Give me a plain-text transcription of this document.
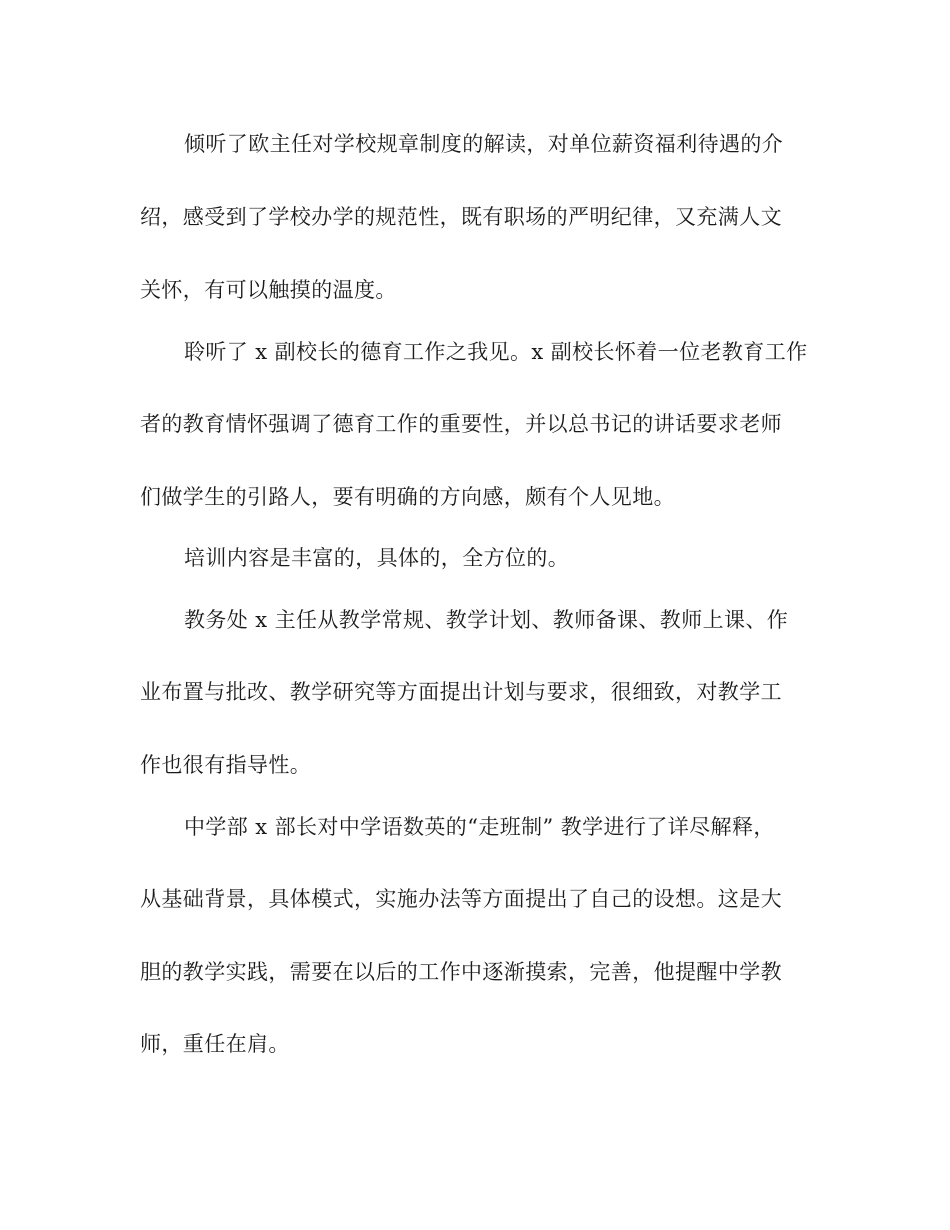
倾听了欧主任对学校规章制度的解读，对单位薪资福利待遇的介

绍，感受到了学校办学的规范性，既有职场的严明纪律，又充满人文

关怀，有可以触摸的温度。

聆听了 x 副校长的德育工作之我见。x 副校长怀着一位老教育工作

者的教育情怀强调了德育工作的重要性，并以总书记的讲话要求老师

们做学生的引路人，要有明确的方向感，颇有个人见地。

培训内容是丰富的，具体的，全方位的。

教务处 x 主任从教学常规、教学计划、教师备课、教师上课、作

业布置与批改、教学研究等方面提出计划与要求，很细致，对教学工

作也很有指导性。

中学部 x 部长对中学语数英的“走班制” 教学进行了详尽解释，

从基础背景，具体模式，实施办法等方面提出了自己的设想。这是大

胆的教学实践，需要在以后的工作中逐渐摸索，完善，他提醒中学教

师，重任在肩。
